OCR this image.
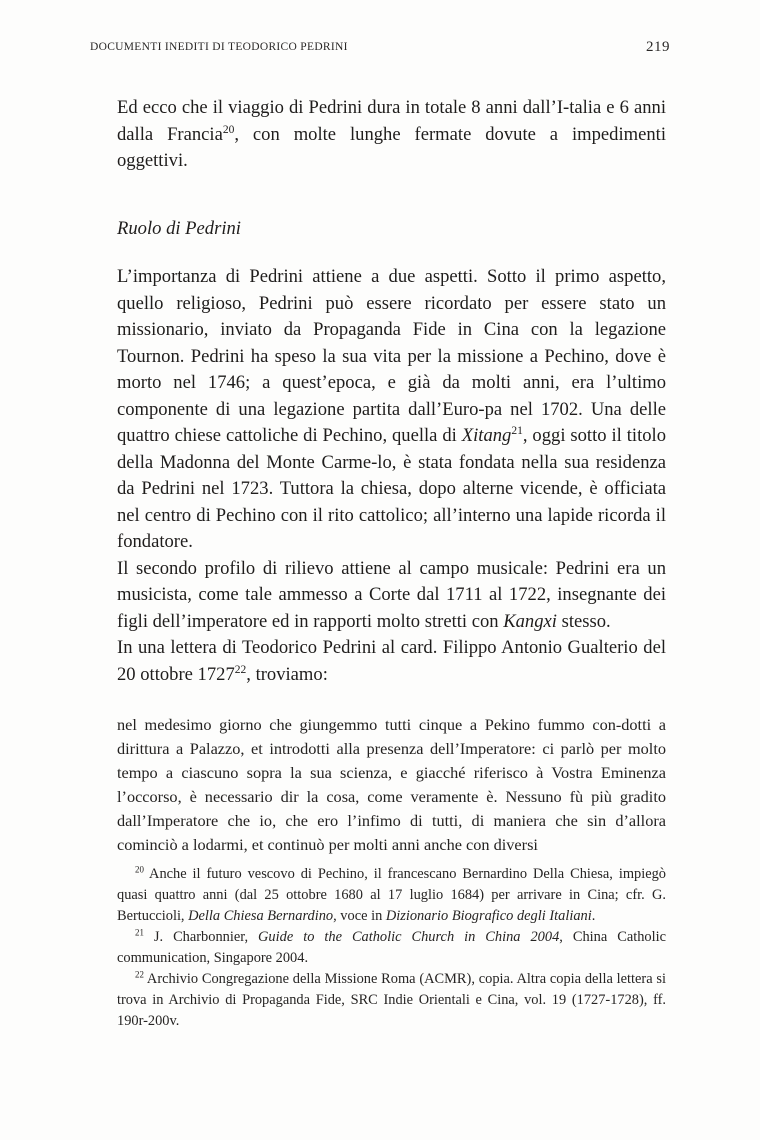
DOCUMENTI INEDITI DI TEODORICO PEDRINI	219

Ed ecco che il viaggio di Pedrini dura in totale 8 anni dall’I-talia e 6 anni dalla Francia$^{20}$, con molte lunghe fermate dovute a impedimenti oggettivi.

Ruolo di Pedrini

L’importanza di Pedrini attiene a due aspetti. Sotto il primo aspetto, quello religioso, Pedrini può essere ricordato per essere stato un missionario, inviato da Propaganda Fide in Cina con la legazione Tournon. Pedrini ha speso la sua vita per la missione a Pechino, dove è morto nel 1746; a quest’epoca, e già da molti anni, era l’ultimo componente di una legazione partita dall’Euro-pa nel 1702. Una delle quattro chiese cattoliche di Pechino, quella di Xitang$^{21}$, oggi sotto il titolo della Madonna del Monte Carme-lo, è stata fondata nella sua residenza da Pedrini nel 1723. Tuttora la chiesa, dopo alterne vicende, è officiata nel centro di Pechino con il rito cattolico; all’interno una lapide ricorda il fondatore.

Il secondo profilo di rilievo attiene al campo musicale: Pedrini era un musicista, come tale ammesso a Corte dal 1711 al 1722, insegnante dei figli dell’imperatore ed in rapporti molto stretti con Kangxi stesso.

In una lettera di Teodorico Pedrini al card. Filippo Antonio Gualterio del 20 ottobre 1727$^{22}$, troviamo:

nel medesimo giorno che giungemmo tutti cinque a Pekino fummo con-dotti a dirittura a Palazzo, et introdotti alla presenza dell’Imperatore: ci parlò per molto tempo a ciascuno sopra la sua scienza, e giacché riferisco à Vostra Eminenza l’occorso, è necessario dir la cosa, come veramente è. Nessuno fù più gradito dall’Imperatore che io, che ero l’infimo di tutti, di maniera che sin d’allora cominciò a lodarmi, et continuò per molti anni anche con diversi

$^{20}$ Anche il futuro vescovo di Pechino, il francescano Bernardino Della Chiesa, impiegò quasi quattro anni (dal 25 ottobre 1680 al 17 luglio 1684) per arrivare in Cina; cfr. G. Bertuccioli, Della Chiesa Bernardino, voce in Dizionario Biografico degli Italiani.

$^{21}$ J. Charbonnier, Guide to the Catholic Church in China 2004, China Catholic communication, Singapore 2004.

$^{22}$ Archivio Congregazione della Missione Roma (ACMR), copia. Altra copia della lettera si trova in Archivio di Propaganda Fide, SRC Indie Orientali e Cina, vol. 19 (1727-1728), ff. 190r-200v.
